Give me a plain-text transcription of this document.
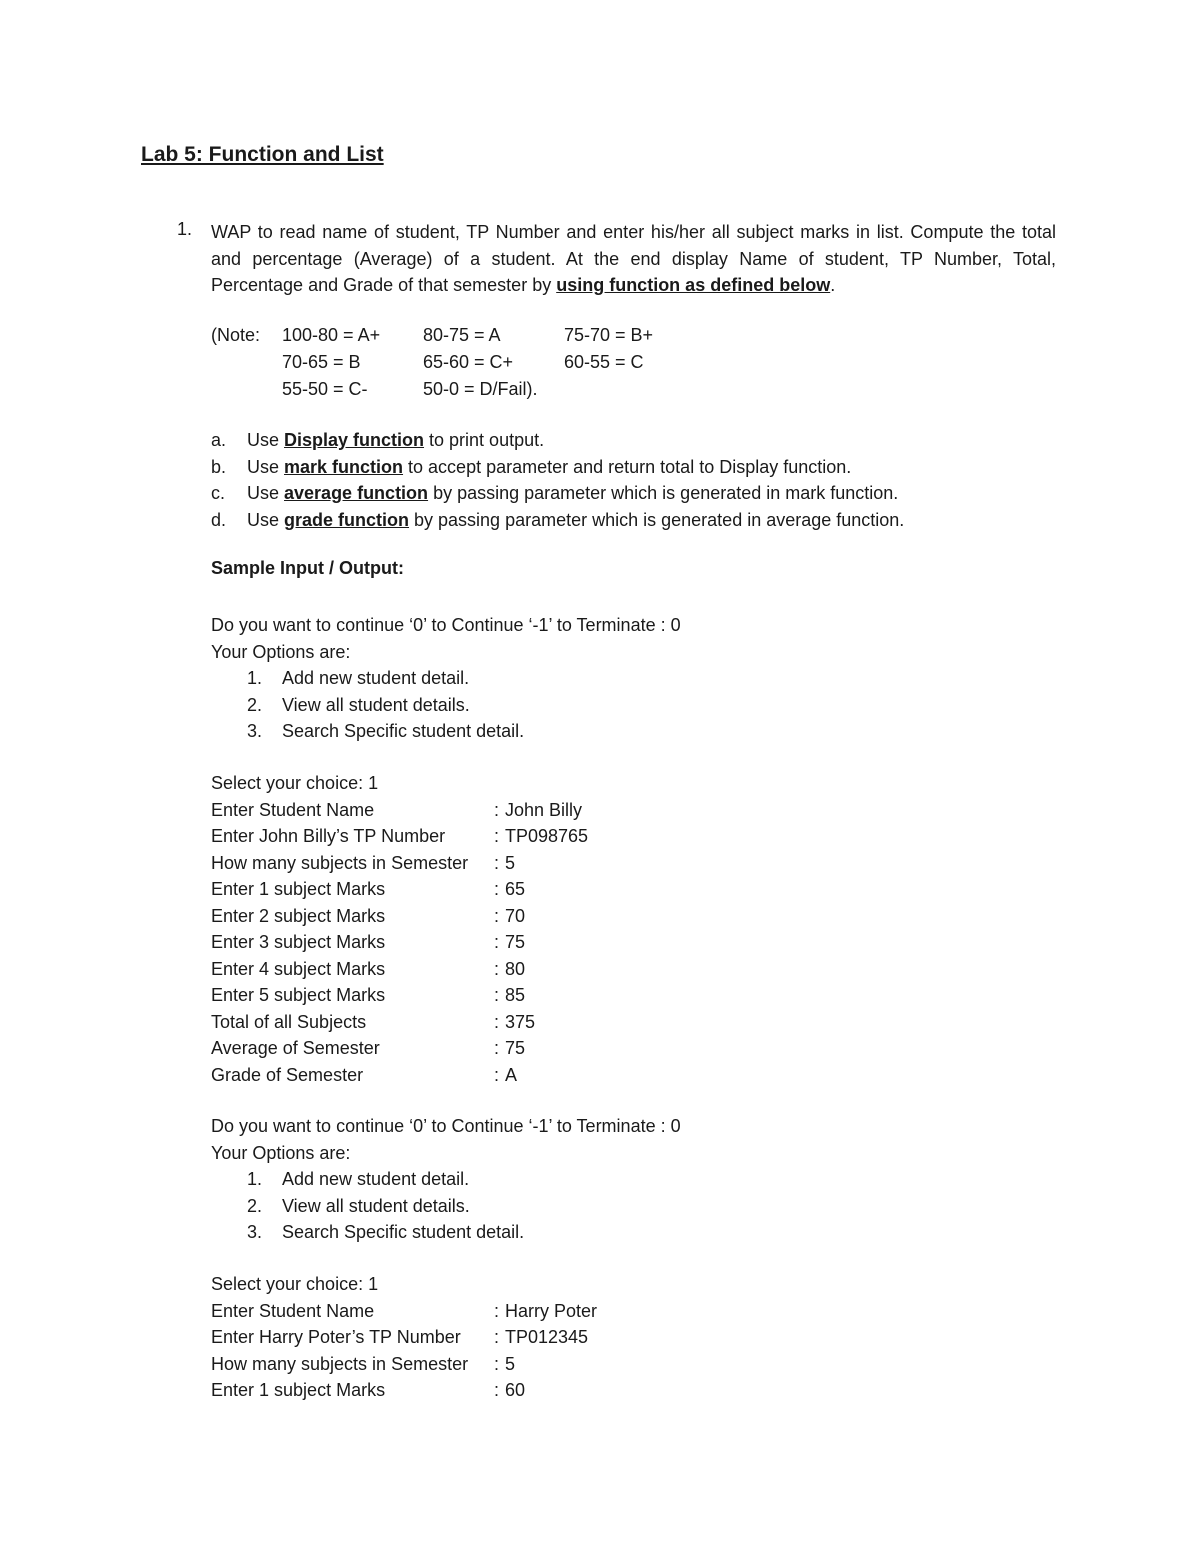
Lab 5: Function and List
1. WAP to read name of student, TP Number and enter his/her all subject marks in list. Compute the total and percentage (Average) of a student. At the end display Name of student, TP Number, Total, Percentage and Grade of that semester by using function as defined below.
(Note: 100-80 = A+ 80-75 = A	75-70 = B+
70-65 = B	65-60 = C+	60-55 = C
55-50 = C-	50-0 = D/Fail).
a. Use Display function to print output.
b. Use mark function to accept parameter and return total to Display function.
c. Use average function by passing parameter which is generated in mark function.
d. Use grade function by passing parameter which is generated in average function.
Sample Input / Output:
Do you want to continue ‘0’ to Continue ‘-1’ to Terminate : 0
Your Options are:
1. Add new student detail.
2. View all student details.
3. Search Specific student detail.
Select your choice: 1
Enter Student Name	: John Billy
Enter John Billy’s TP Number	: TP098765
How many subjects in Semester : 5
Enter 1 subject Marks	: 65
Enter 2 subject Marks	: 70
Enter 3 subject Marks	: 75
Enter 4 subject Marks	: 80
Enter 5 subject Marks	: 85
Total of all Subjects	: 375
Average of Semester	: 75
Grade of Semester	: A
Do you want to continue ‘0’ to Continue ‘-1’ to Terminate : 0
Your Options are:
1. Add new student detail.
2. View all student details.
3. Search Specific student detail.
Select your choice: 1
Enter Student Name	: Harry Poter
Enter Harry Poter’s TP Number : TP012345
How many subjects in Semester : 5
Enter 1 subject Marks	: 60
